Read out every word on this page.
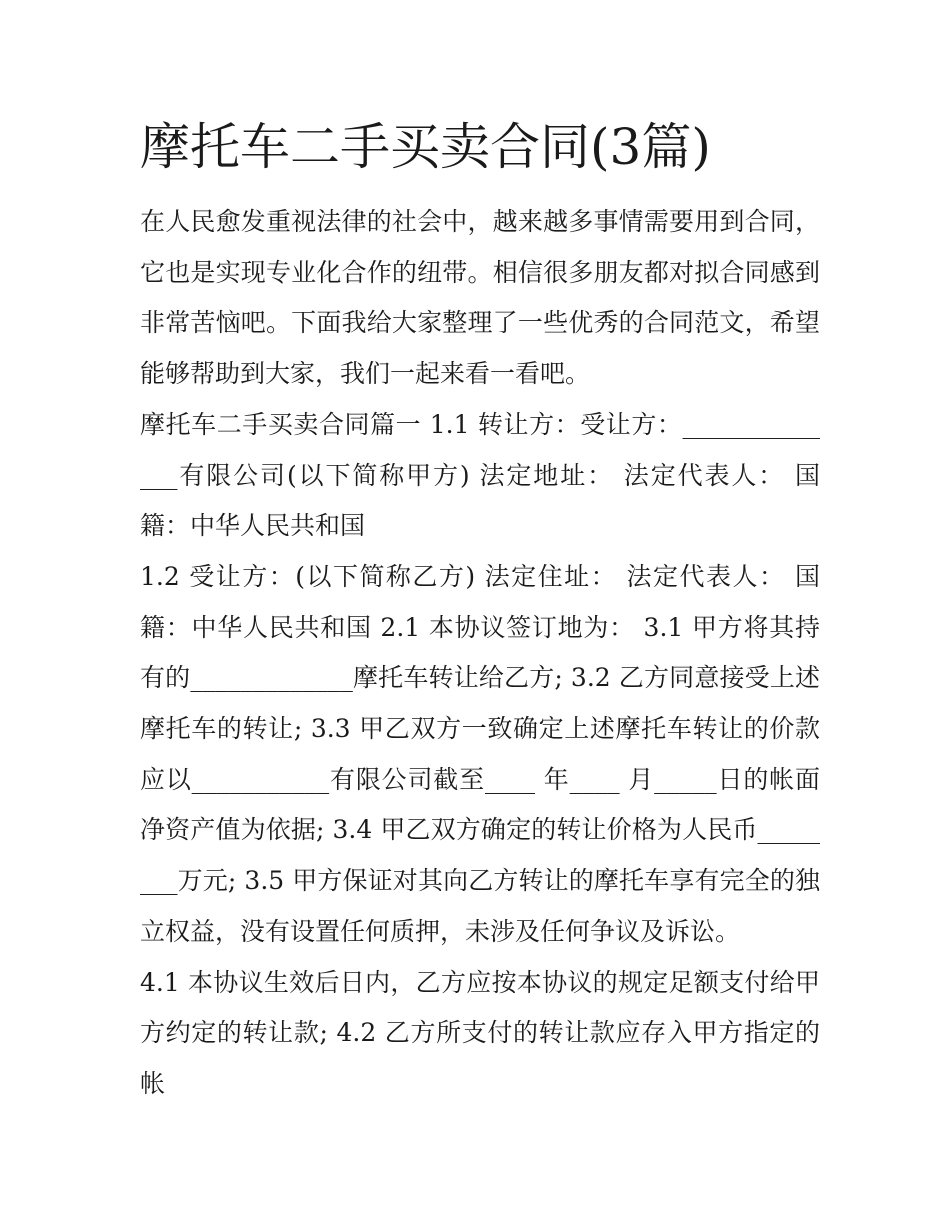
摩托车二手买卖合同(3篇)

在人民愈发重视法律的社会中，越来越多事情需要用到合同，它也是实现专业化合作的纽带。相信很多朋友都对拟合同感到非常苦恼吧。下面我给大家整理了一些优秀的合同范文，希望能够帮助到大家，我们一起来看一看吧。

摩托车二手买卖合同篇一 1.1 转让方：受让方：______________有限公司(以下简称甲方) 法定地址： 法定代表人： 国籍：中华人民共和国

1.2 受让方：(以下简称乙方) 法定住址： 法定代表人： 国籍：中华人民共和国 2.1 本协议签订地为： 3.1 甲方将其持有的_____________摩托车转让给乙方; 3.2 乙方同意接受上述摩托车的转让; 3.3 甲乙双方一致确定上述摩托车转让的价款应以___________有限公司截至____ 年____ 月_____日的帐面净资产值为依据; 3.4 甲乙双方确定的转让价格为人民币________万元; 3.5 甲方保证对其向乙方转让的摩托车享有完全的独立权益，没有设置任何质押，未涉及任何争议及诉讼。

4.1 本协议生效后日内，乙方应按本协议的规定足额支付给甲方约定的转让款; 4.2 乙方所支付的转让款应存入甲方指定的帐
